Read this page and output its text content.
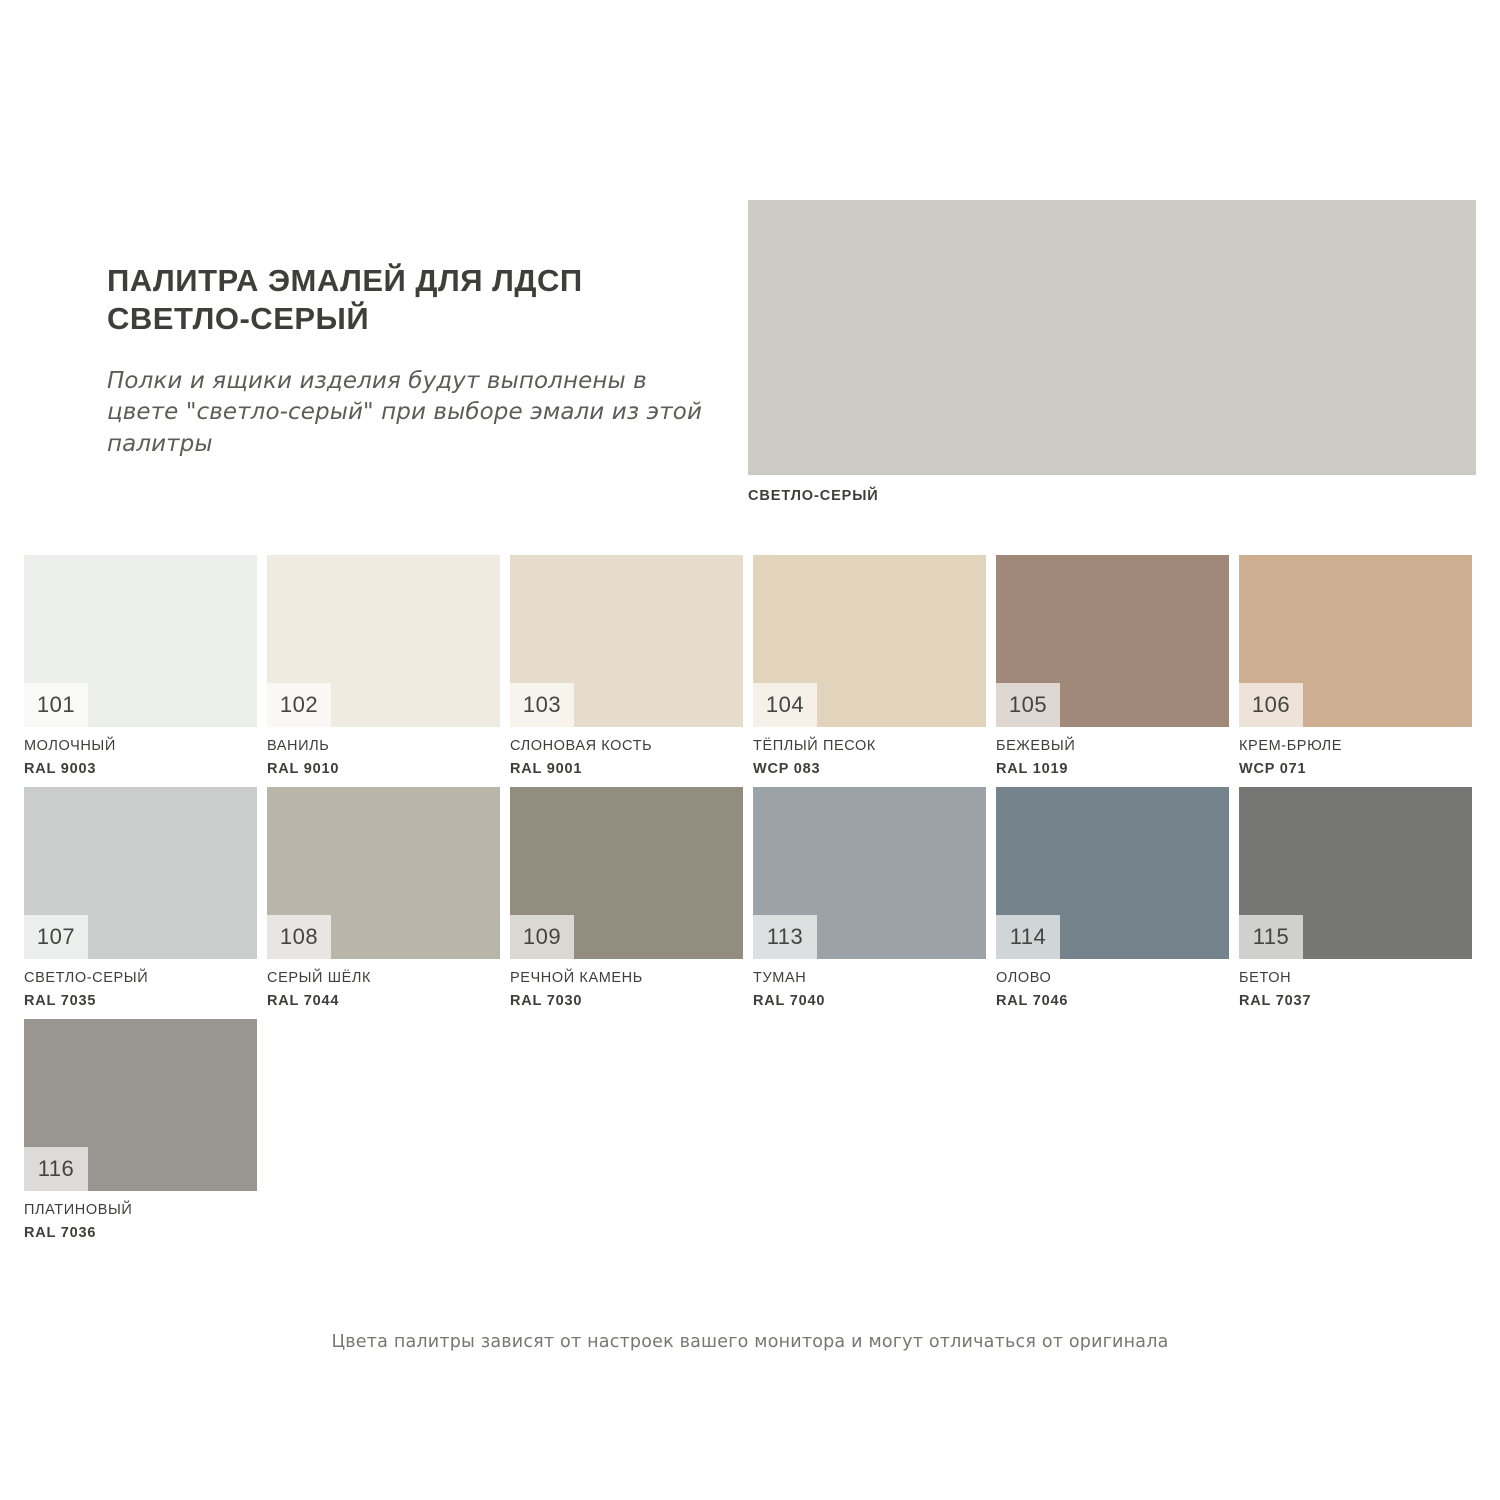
ПАЛИТРА ЭМАЛЕЙ ДЛЯ ЛДСП СВЕТЛО-СЕРЫЙ

Полки и ящики изделия будут выполнены в цвете "светло-серый" при выборе эмали из этой палитры

СВЕТЛО-СЕРЫЙ
101
МОЛОЧНЫЙ
RAL 9003
102
ВАНИЛЬ
RAL 9010
103
СЛОНОВАЯ КОСТЬ
RAL 9001
104
ТЁПЛЫЙ ПЕСОК
WCP 083
105
БЕЖЕВЫЙ
RAL 1019
106
КРЕМ-БРЮЛЕ
WCP 071
107
СВЕТЛО-СЕРЫЙ
RAL 7035
108
СЕРЫЙ ШЁЛК
RAL 7044
109
РЕЧНОЙ КАМЕНЬ
RAL 7030
113
ТУМАН
RAL 7040
114
ОЛОВО
RAL 7046
115
БЕТОН
RAL 7037
116
ПЛАТИНОВЫЙ
RAL 7036
Цвета палитры зависят от настроек вашего монитора и могут отличаться от оригинала
